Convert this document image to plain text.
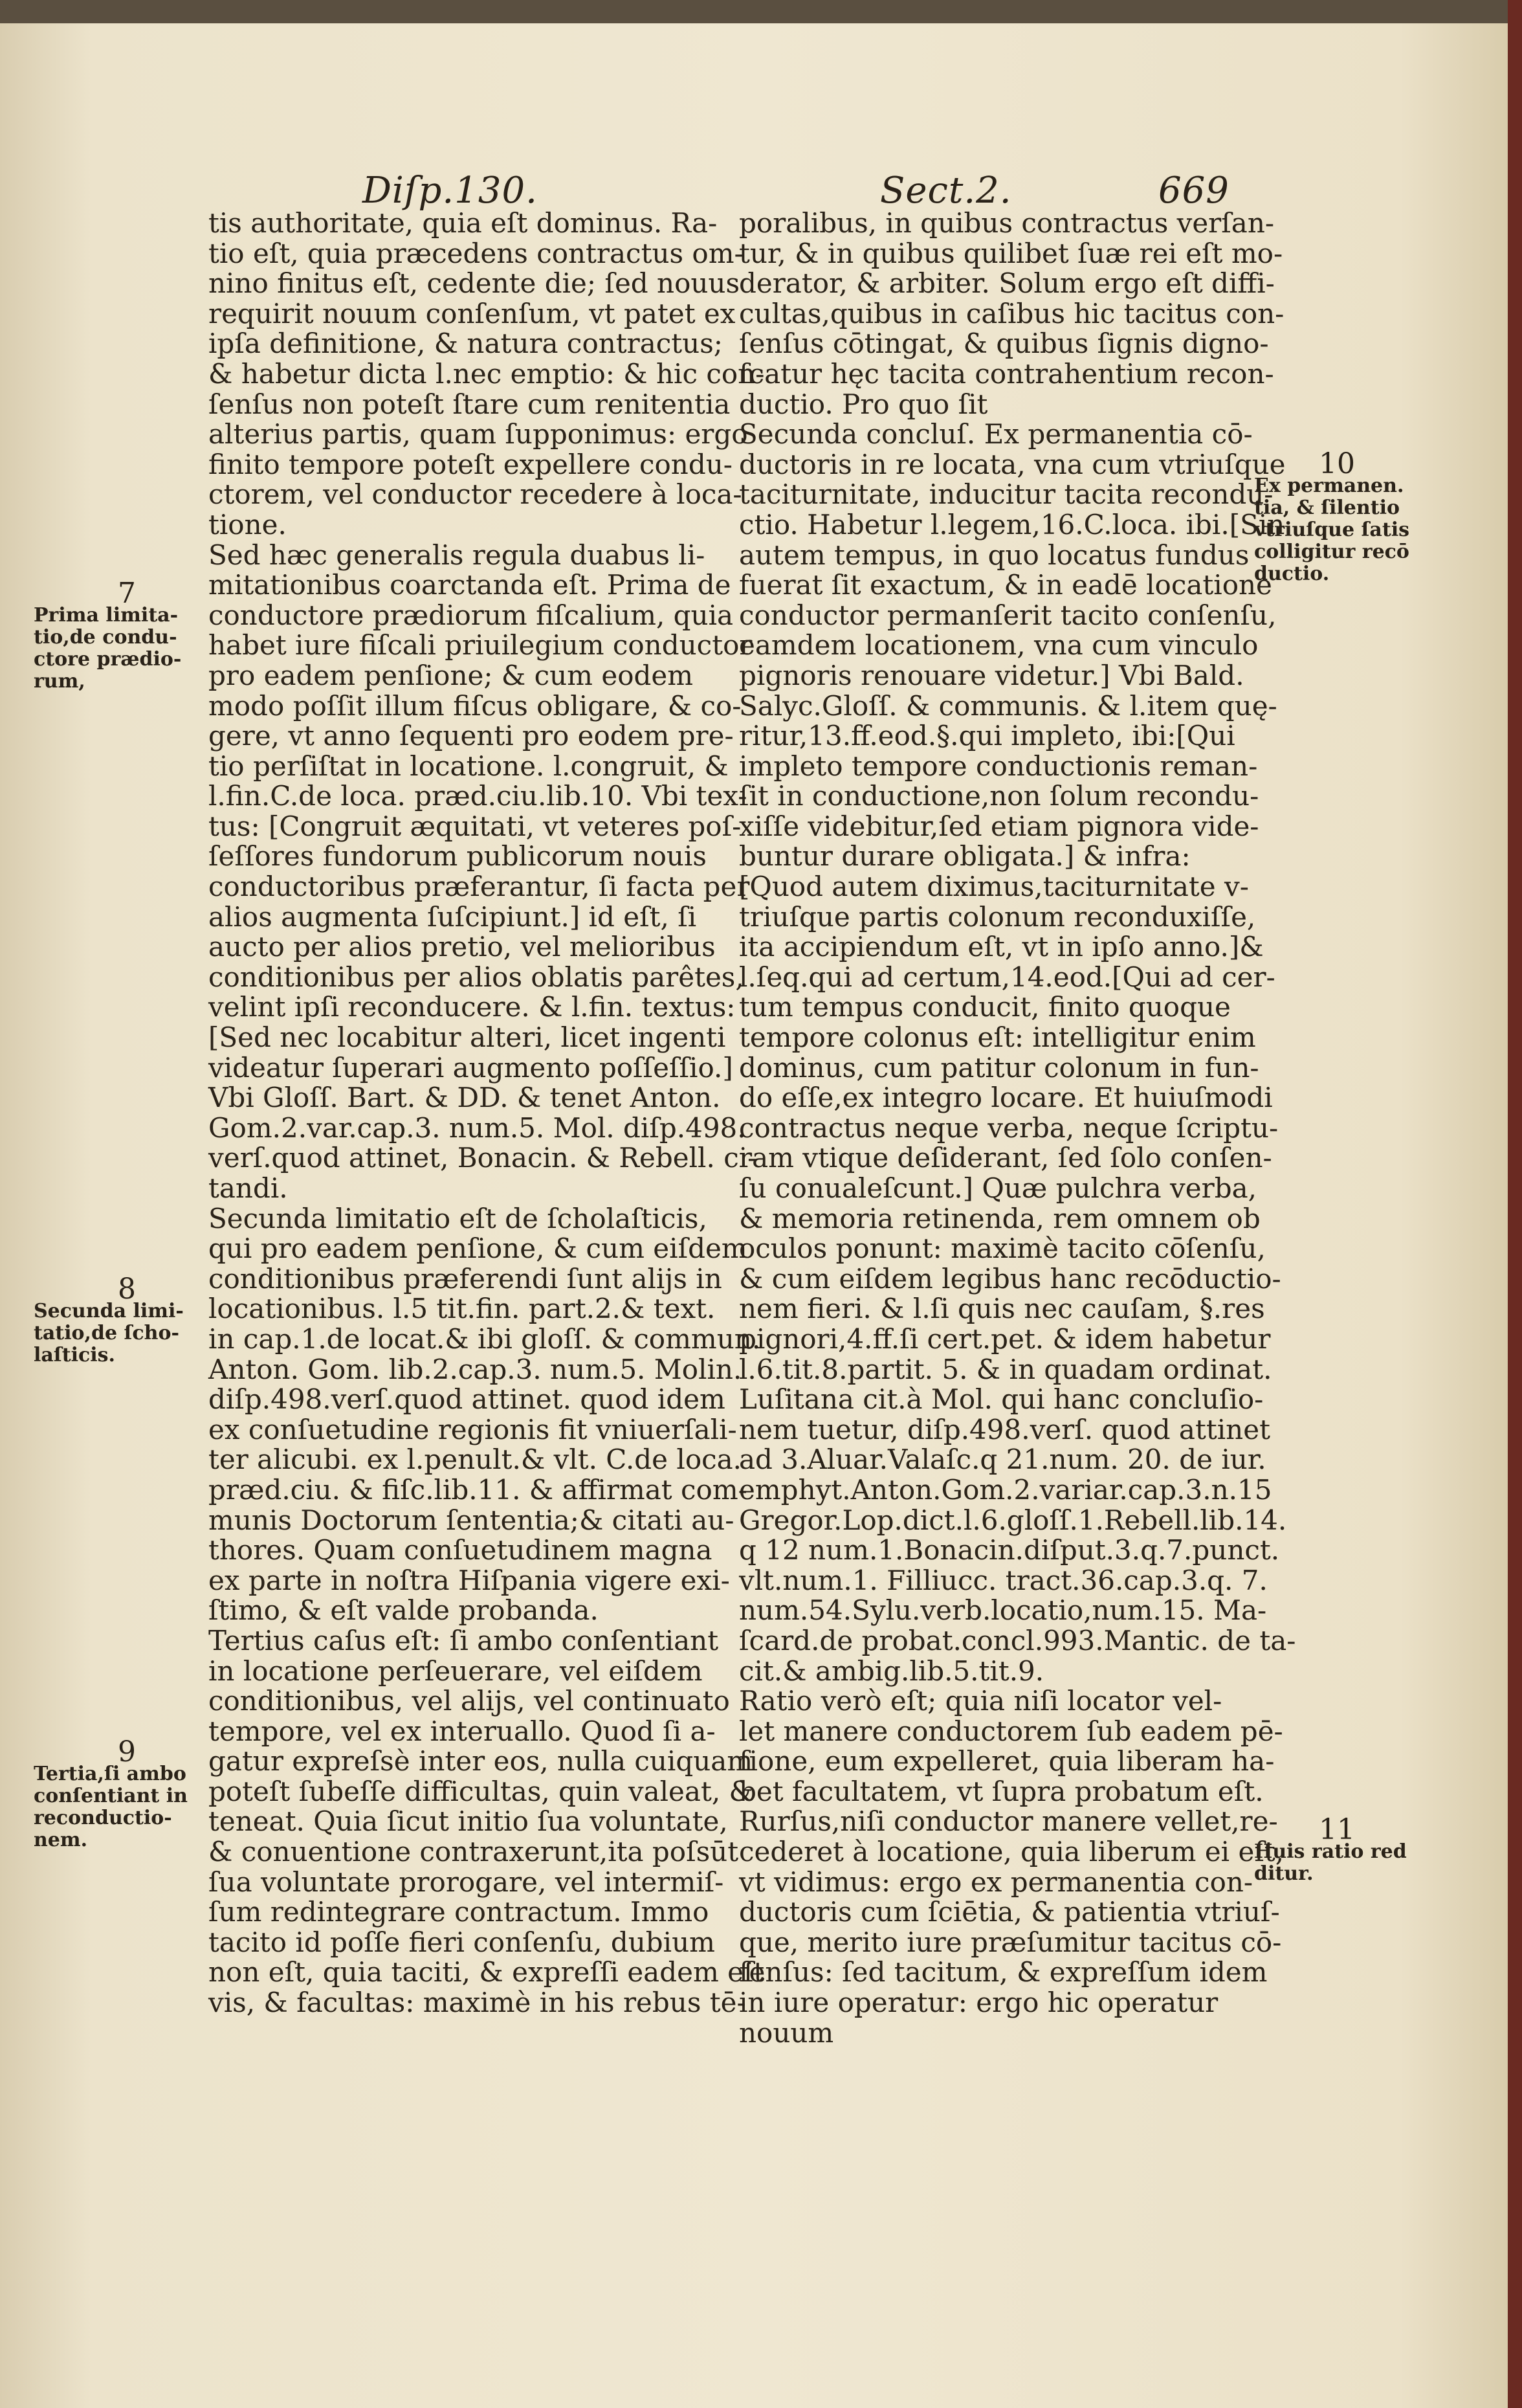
Diſp.130.	Sect.2.	669
tis authoritate, quia eſt dominus. Ra-
tio eſt, quia præcedens contractus om-
nino finitus eſt, cedente die; ſed nouus
requirit nouum conſenſum, vt patet ex
ipſa definitione, & natura contractus;
& habetur dicta l.nec emptio: & hic con-
ſenſus non poteſt ſtare cum renitentia
alterius partis, quam ſupponimus: ergo
finito tempore poteſt expellere condu-
ctorem, vel conductor recedere à loca-
tione.
Sed hæc generalis regula duabus li-
mitationibus coarctanda eſt. Prima de
conductore prædiorum fiſcalium, quia
habet iure fiſcali priuilegium conductor
pro eadem penſione; & cum eodem
modo poſſit illum fiſcus obligare, & co-
gere, vt anno ſequenti pro eodem pre-
tio perſiſtat in locatione. l.congruit, &
l.fin.C.de loca. præd.ciu.lib.10. Vbi tex-
tus: [Congruit æquitati, vt veteres poſ-
ſeſſores fundorum publicorum nouis
conductoribus præferantur, ſi facta per
alios augmenta ſuſcipiunt.] id eſt, ſi
aucto per alios pretio, vel melioribus
conditionibus per alios oblatis parêtes,
velint ipſi reconducere. & l.fin. textus:
[Sed nec locabitur alteri, licet ingenti
videatur ſuperari augmento poſſeſſio.]
Vbi Gloſſ. Bart. & DD. & tenet Anton.
Gom.2.var.cap.3. num.5. Mol. diſp.498.
verſ.quod attinet, Bonacin. & Rebell. ci-
tandi.
Secunda limitatio eſt de ſcholaſticis,
qui pro eadem penſione, & cum eiſdem
conditionibus præferendi ſunt alijs in
locationibus. l.5 tit.fin. part.2.& text.
in cap.1.de locat.& ibi gloſſ. & commun.
Anton. Gom. lib.2.cap.3. num.5. Molin.
diſp.498.verſ.quod attinet. quod idem
ex conſuetudine regionis fit vniuerſali-
ter alicubi. ex l.penult.& vlt. C.de loca.
præd.ciu. & fiſc.lib.11. & affirmat com-
munis Doctorum ſententia;& citati au-
thores. Quam conſuetudinem magna
ex parte in noſtra Hiſpania vigere exi-
ſtimo, & eſt valde probanda.
Tertius caſus eſt: ſi ambo conſentiant
in locatione perſeuerare, vel eiſdem
conditionibus, vel alijs, vel continuato
tempore, vel ex interuallo. Quod ſi a-
gatur expreſsè inter eos, nulla cuiquam
poteſt ſubeſſe difficultas, quin valeat, &
teneat. Quia ſicut initio ſua voluntate,
& conuentione contraxerunt,ita poſsūt
ſua voluntate prorogare, vel intermiſ-
ſum redintegrare contractum. Immo
tacito id poſſe fieri conſenſu, dubium
non eſt, quia taciti, & expreſſi eadem eſt
vis, & facultas: maximè in his rebus tē-
poralibus, in quibus contractus verſan-
tur, & in quibus quilibet ſuæ rei eſt mo-
derator, & arbiter. Solum ergo eſt diffi-
cultas,quibus in caſibus hic tacitus con-
ſenſus cōtingat, & quibus ſignis digno-
ſcatur hęc tacita contrahentium recon-
ductio. Pro quo ſit
Secunda concluſ. Ex permanentia cō-
ductoris in re locata, vna cum vtriuſque
taciturnitate, inducitur tacita recondu-
ctio. Habetur l.legem,16.C.loca. ibi.[Sin
autem tempus, in quo locatus fundus
fuerat ſit exactum, & in eadē locatione
conductor permanſerit tacito conſenſu,
eamdem locationem, vna cum vinculo
pignoris renouare videtur.] Vbi Bald.
Salyc.Gloſſ. & communis. & l.item quę-
ritur,13.ff.eod.§.qui impleto, ibi:[Qui
impleto tempore conductionis reman-
ſit in conductione,non ſolum recondu-
xiſſe videbitur,ſed etiam pignora vide-
buntur durare obligata.] & infra:
[Quod autem diximus,taciturnitate v-
triuſque partis colonum reconduxiſſe,
ita accipiendum eſt, vt in ipſo anno.]&
l.ſeq.qui ad certum,14.eod.[Qui ad cer-
tum tempus conducit, finito quoque
tempore colonus eſt: intelligitur enim
dominus, cum patitur colonum in fun-
do eſſe,ex integro locare. Et huiuſmodi
contractus neque verba, neque ſcriptu-
ram vtique deſiderant, ſed ſolo conſen-
ſu conualeſcunt.] Quæ pulchra verba,
& memoria retinenda, rem omnem ob
oculos ponunt: maximè tacito cōſenſu,
& cum eiſdem legibus hanc recōductio-
nem fieri. & l.ſi quis nec cauſam, §.res
pignori,4.ff.ſi cert.pet. & idem habetur
l.6.tit.8.partit. 5. & in quadam ordinat.
Luſitana cit.à Mol. qui hanc concluſio-
nem tuetur, diſp.498.verſ. quod attinet
ad 3.Aluar.Valaſc.q 21.num. 20. de iur.
emphyt.Anton.Gom.2.variar.cap.3.n.15
Gregor.Lop.dict.l.6.gloſſ.1.Rebell.lib.14.
q 12 num.1.Bonacin.diſput.3.q.7.punct.
vlt.num.1. Filliucc. tract.36.cap.3.q. 7.
num.54.Sylu.verb.locatio,num.15. Ma-
ſcard.de probat.concl.993.Mantic. de ta-
cit.& ambig.lib.5.tit.9.
Ratio verò eſt; quia niſi locator vel-
let manere conductorem ſub eadem pē-
ſione, eum expelleret, quia liberam ha-
bet facultatem, vt ſupra probatum eſt.
Rurſus,niſi conductor manere vellet,re-
cederet à locatione, quia liberum ei eſt,
vt vidimus: ergo ex permanentia con-
ductoris cum ſciētia, & patientia vtriuſ-
que, merito iure præſumitur tacitus cō-
ſenſus: ſed tacitum, & expreſſum idem
in iure operatur: ergo hic operatur
nouum
7
Prima limita-
tio,de condu-
ctore prædio-
rum,
8
Secunda limi-
tatio,de ſcho-
laſticis.
9
Tertia,ſi ambo
conſentiant in
reconductio-
nem.
10
Ex permanen.
tia, & ſilentio
vtriuſque ſatis
colligitur recō
ductio.
11
Huis ratio red
ditur.
